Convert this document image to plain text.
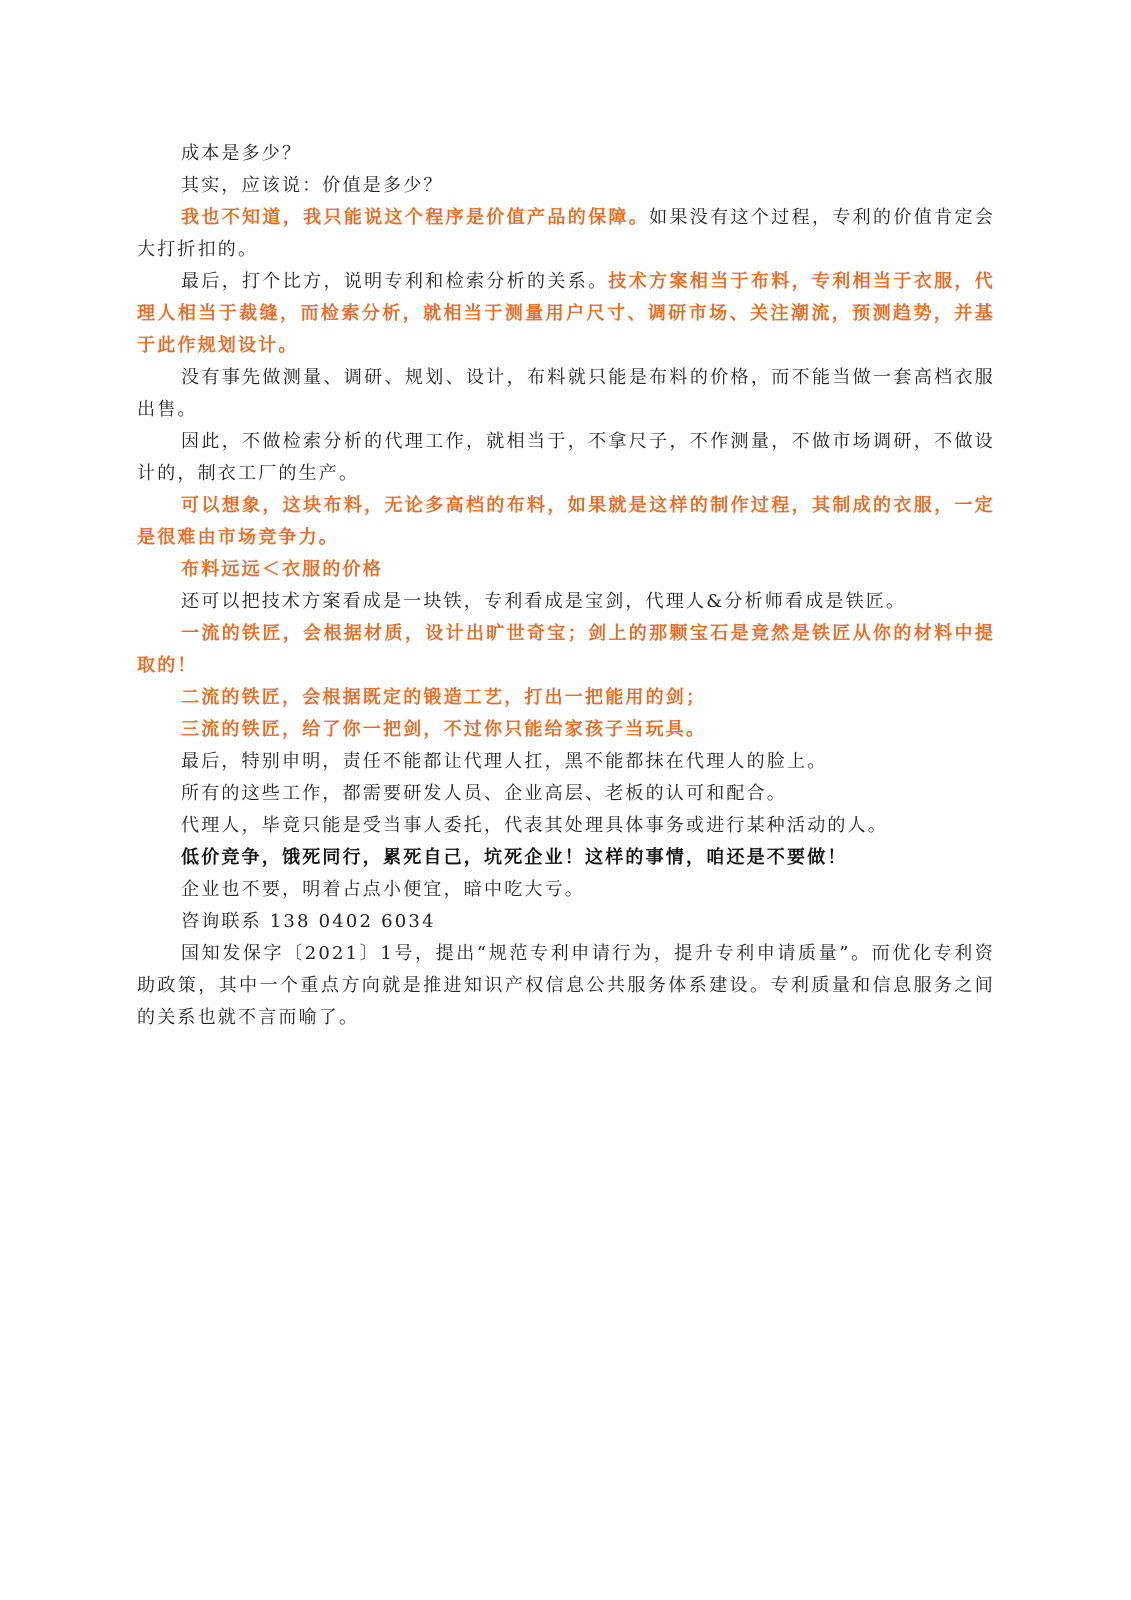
成本是多少？

其实，应该说：价值是多少？

我也不知道，我只能说这个程序是价值产品的保障。如果没有这个过程，专利的价值肯定会大打折扣的。

最后，打个比方，说明专利和检索分析的关系。技术方案相当于布料，专利相当于衣服，代理人相当于裁缝，而检索分析，就相当于测量用户尺寸、调研市场、关注潮流，预测趋势，并基于此作规划设计。

没有事先做测量、调研、规划、设计，布料就只能是布料的价格，而不能当做一套高档衣服出售。

因此，不做检索分析的代理工作，就相当于，不拿尺子，不作测量，不做市场调研，不做设计的，制衣工厂的生产。

可以想象，这块布料，无论多高档的布料，如果就是这样的制作过程，其制成的衣服，一定是很难由市场竞争力。

布料远远＜衣服的价格

还可以把技术方案看成是一块铁，专利看成是宝剑，代理人&分析师看成是铁匠。

一流的铁匠，会根据材质，设计出旷世奇宝；剑上的那颗宝石是竟然是铁匠从你的材料中提取的！

二流的铁匠，会根据既定的锻造工艺，打出一把能用的剑；

三流的铁匠，给了你一把剑，不过你只能给家孩子当玩具。

最后，特别申明，责任不能都让代理人扛，黑不能都抹在代理人的脸上。

所有的这些工作，都需要研发人员、企业高层、老板的认可和配合。

代理人，毕竟只能是受当事人委托，代表其处理具体事务或进行某种活动的人。

低价竞争，饿死同行，累死自己，坑死企业！这样的事情，咱还是不要做！

企业也不要，明着占点小便宜，暗中吃大亏。

咨询联系 138 0402 6034

国知发保字〔2021〕1号，提出“规范专利申请行为，提升专利申请质量”。而优化专利资助政策，其中一个重点方向就是推进知识产权信息公共服务体系建设。专利质量和信息服务之间的关系也就不言而喻了。
